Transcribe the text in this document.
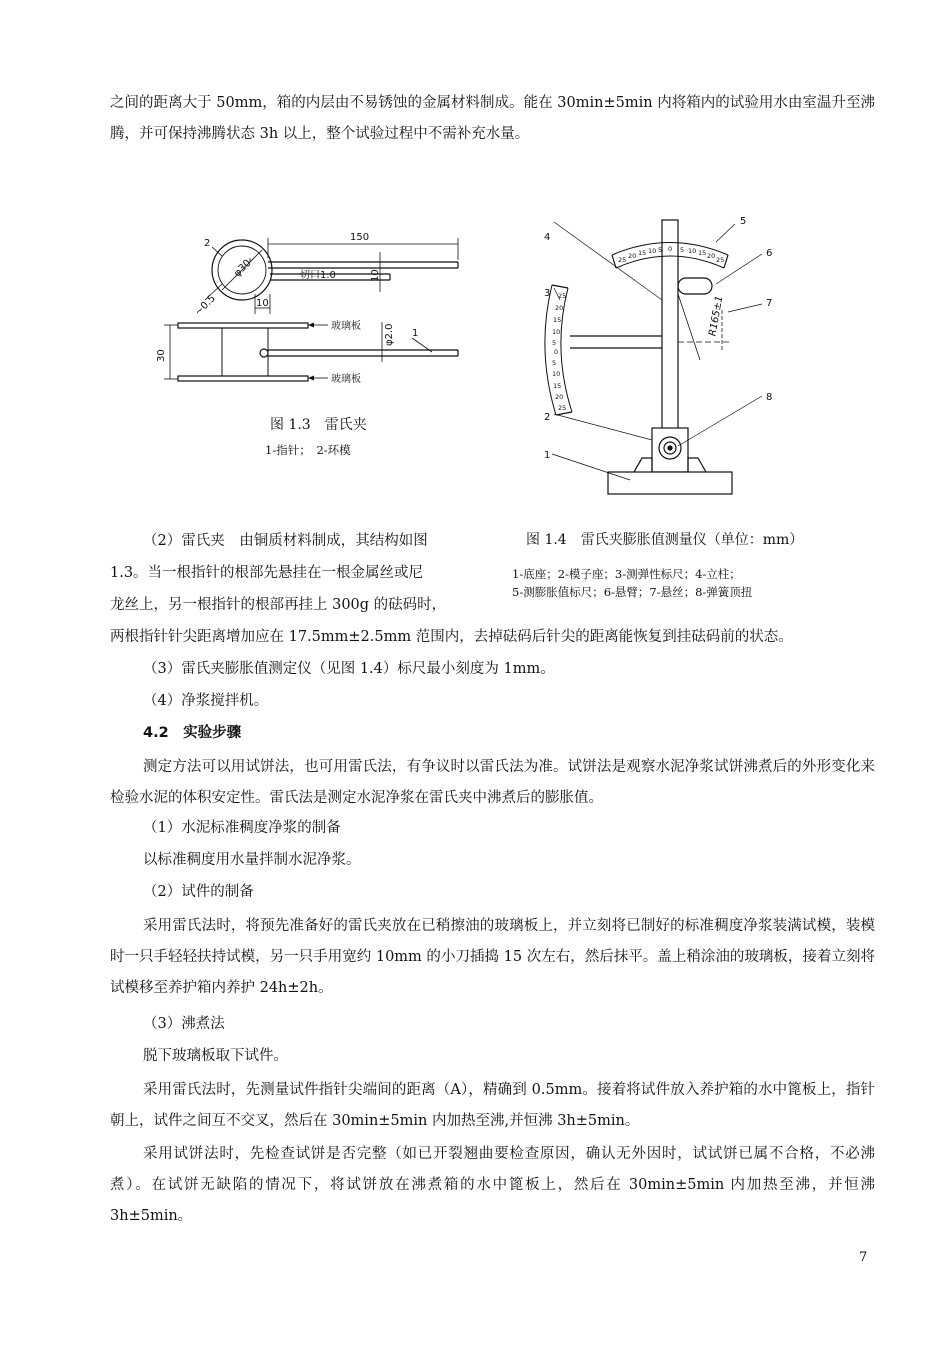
之间的距离大于 50mm，箱的内层由不易锈蚀的金属材料制成。能在 30min±5min 内将箱内的试验用水由室温升至沸腾，并可保持沸腾状态 3h 以上，整个试验过程中不需补充水量。

150
30
10
10
φ30
~0.5
切口1.0
玻璃板
玻璃板
φ2.0 1
2
图 1.3　雷氏夹
1-指针；　2-环模
25 20 15 10 5 0 5 10 15 20 25
25
20
15
10
5
0
5
10
15
20
25
R165±1
1
2
3
4
5
6
7
8
图 1.4　雷氏夹膨胀值测量仪（单位：mm）
1-底座；2-模子座；3-测弹性标尺；4-立柱；
5-测膨胀值标尺；6-悬臂；7-悬丝；8-弹簧顶扭

（2）雷氏夹　由铜质材料制成，其结构如图

1.3。当一根指针的根部先悬挂在一根金属丝或尼

龙丝上，另一根指针的根部再挂上 300g 的砝码时，

两根指针针尖距离增加应在 17.5mm±2.5mm 范围内，去掉砝码后针尖的距离能恢复到挂砝码前的状态。

（3）雷氏夹膨胀值测定仪（见图 1.4）标尺最小刻度为 1mm。

（4）净浆搅拌机。

4.2　实验步骤

测定方法可以用试饼法，也可用雷氏法，有争议时以雷氏法为准。试饼法是观察水泥净浆试饼沸煮后的外形变化来检验水泥的体积安定性。雷氏法是测定水泥净浆在雷氏夹中沸煮后的膨胀值。

（1）水泥标准稠度净浆的制备

以标准稠度用水量拌制水泥净浆。

（2）试件的制备

采用雷氏法时，将预先准备好的雷氏夹放在已稍擦油的玻璃板上，并立刻将已制好的标准稠度净浆装满试模，装模时一只手轻轻扶持试模，另一只手用宽约 10mm 的小刀插捣 15 次左右，然后抹平。盖上稍涂油的玻璃板，接着立刻将试模移至养护箱内养护 24h±2h。

（3）沸煮法

脱下玻璃板取下试件。

采用雷氏法时，先测量试件指针尖端间的距离（A），精确到 0.5mm。接着将试件放入养护箱的水中篦板上，指针朝上，试件之间互不交叉，然后在 30min±5min 内加热至沸,并恒沸 3h±5min。

采用试饼法时，先检查试饼是否完整（如已开裂翘曲要检查原因，确认无外因时，试试饼已属不合格，不必沸煮）。在试饼无缺陷的情况下，将试饼放在沸煮箱的水中篦板上，然后在 30min±5min 内加热至沸，并恒沸 3h±5min。

7
